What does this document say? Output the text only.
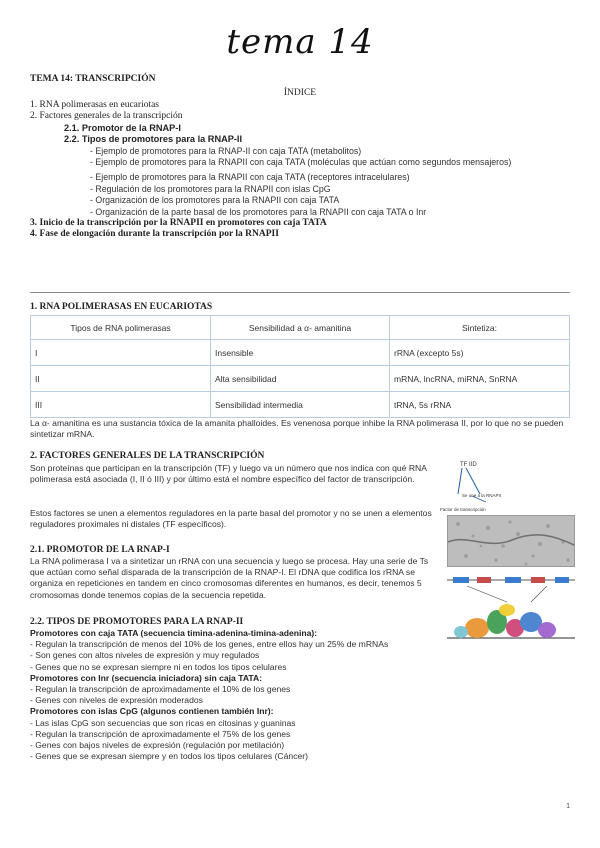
tema 14
TEMA 14: TRANSCRIPCIÓN
ÍNDICE
1. RNA polimerasas en eucariotas
2. Factores generales de la transcripción
2.1. Promotor de la RNAP-I
2.2. Tipos de promotores para la RNAP-II
- Ejemplo de promotores para la RNAP-II con caja TATA (metabolitos)
- Ejemplo de promotores para la RNAPII con caja TATA (moléculas que actúan como segundos mensajeros)
- Ejemplo de promotores para la RNAPII con caja TATA (receptores intracelulares)
- Regulación de los promotores para la RNAPII con islas CpG
- Organización de los promotores para la RNAPII con caja TATA
- Organización de la parte basal de los promotores para la RNAPII con caja TATA o Inr
3. Inicio de la transcripción por la RNAPII en promotores con caja TATA
4. Fase de elongación durante la transcripción por la RNAPII
1. RNA POLIMERASAS EN EUCARIOTAS
Tipos de RNA polimerasas	Sensibilidad a α- amanitina	Sintetiza:
I	Insensible	rRNA (excepto 5s)
II	Alta sensibilidad	mRNA, lncRNA, miRNA, SnRNA
III	Sensibilidad intermedia	tRNA, 5s rRNA
La α- amanitina es una sustancia tóxica de la amanita phalloides. Es venenosa porque inhibe la RNA polimerasa II, por lo que no se pueden sintetizar mRNA.
2. FACTORES GENERALES DE LA TRANSCRIPCIÓN
Son proteínas que participan en la transcripción (TF) y luego va un número que nos indica con qué RNA polimerasa está asociada (I, II ó III) y por último está el nombre específico del factor de transcripción.
Estos factores se unen a elementos reguladores en la parte basal del promotor y no se unen a elementos reguladores proximales ni distales (TF específicos).
TF IID
Se une a la RNAPII
Factor de transcripción
2.1. PROMOTOR DE LA RNAP-I
La RNA polimerasa I va a sintetizar un rRNA con una secuencia y luego se procesa. Hay una serie de Ts que actúan como señal disparada de la transcripción de la RNAP-I. El rDNA que codifica los rRNA se organiza en repeticiones en tandem en cinco cromosomas diferentes en humanos, es decir, tenemos 5 cromosomas donde tenemos copias de la secuencia repetida.
2.2. TIPOS DE PROMOTORES PARA LA RNAP-II
Promotores con caja TATA (secuencia timina-adenina-timina-adenina):
- Regulan la transcripción de menos del 10% de los genes, entre ellos hay un 25% de mRNAs
- Son genes con altos niveles de expresión y muy regulados
- Genes que no se expresan siempre ni en todos los tipos celulares
Promotores con Inr (secuencia iniciadora) sin caja TATA:
- Regulan la transcripción de aproximadamente el 10% de los genes
- Genes con niveles de expresión moderados
Promotores con islas CpG (algunos contienen también Inr):
- Las islas CpG son secuencias que son ricas en citosinas y guaninas
- Regulan la transcripción de aproximadamente el 75% de los genes
- Genes con bajos niveles de expresión (regulación por metilación)
- Genes que se expresan siempre y en todos los tipos celulares (Cáncer)
1
